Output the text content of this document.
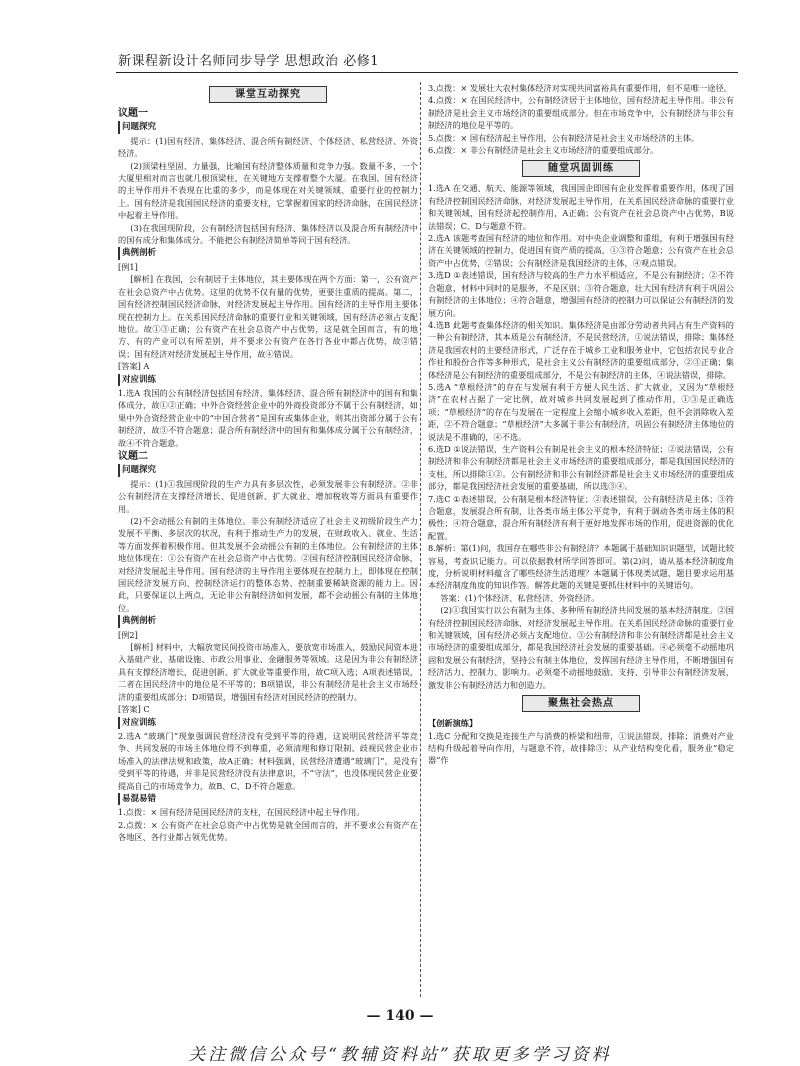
新课程新设计名师同步导学 思想政治 必修1
课堂互动探究
议题一
问题探究

提示：(1)国有经济、集体经济、混合所有制经济、个体经济、私营经济、外资经济。

(2)顶梁柱坚固、力量强，比喻国有经济整体质量和竞争力强。数量不多，一个大厦里相对而言也就几根顶梁柱，在关键地方支撑着整个大厦。在我国，国有经济的主导作用并不表现在比重的多少，而是体现在对关键领域、重要行业的控制力上。国有经济是我国国民经济的重要支柱，它掌握着国家的经济命脉，在国民经济中起着主导作用。

(3)在我国现阶段，公有制经济包括国有经济、集体经济以及混合所有制经济中的国有成分和集体成分。不能把公有制经济简单等同于国有经济。

典例剖析
[例1]

[解析] 在我国，公有制居于主体地位，其主要体现在两个方面：第一，公有资产在社会总资产中占优势。这里的优势不仅有量的优势，更要注重质的提高。第二，国有经济控制国民经济命脉，对经济发展起主导作用。国有经济的主导作用主要体现在控制力上。在关系国民经济命脉的重要行业和关键领域，国有经济必须占支配地位。故①③正确；公有资产在社会总资产中占优势，这是就全国而言，有的地方、有的产业可以有所差别，并不要求公有资产在各行各业中都占优势，故②错误；国有经济对经济发展起主导作用，故④错误。

[答案] A
对应训练

1.选A 我国的公有制经济包括国有经济、集体经济、混合所有制经济中的国有和集体成分，故①②正确；中外合资经营企业中的外商投资部分不属于公有制经济，如果中外合资经营企业中的“中国合营者”是国有或集体企业，则其出资部分属于公有制经济，故③不符合题意；混合所有制经济中的国有和集体成分属于公有制经济，故④不符合题意。

议题二
问题探究

提示：(1)①我国现阶段的生产力具有多层次性，必须发展非公有制经济。②非公有制经济在支撑经济增长、促进创新、扩大就业、增加税收等方面具有重要作用。

(2)不会动摇公有制的主体地位。非公有制经济适应了社会主义初级阶段生产力发展不平衡、多层次的状况，有利于推动生产力的发展，在财政收入、就业、生活等方面发挥着积极作用。但其发展不会动摇公有制的主体地位。公有制经济的主体地位体现在：①公有资产在社会总资产中占优势。②国有经济控制国民经济命脉，对经济发展起主导作用。国有经济的主导作用主要体现在控制力上，即体现在控制国民经济发展方向、控制经济运行的整体态势、控制重要稀缺资源的能力上。因此，只要保证以上两点，无论非公有制经济如何发展，都不会动摇公有制的主体地位。

典例剖析
[例2]

[解析] 材料中，大幅放宽民间投资市场准入，要放宽市场准入，鼓励民间资本进入基础产业、基础设施、市政公用事业、金融服务等领域。这是因为非公有制经济具有支撑经济增长、促进创新、扩大就业等重要作用，故C项入选；A项表述错误，二者在国民经济中的地位是不平等的；B项错误，非公有制经济是社会主义市场经济的重要组成部分；D项错误，增强国有经济对国民经济的控制力。

[答案] C
对应训练

2.选A “玻璃门”现象强调民营经济没有受到平等的待遇，这说明民营经济平等竞争、共同发展的市场主体地位得不到尊重，必须清理和修订限制、歧视民营企业市场准入的法律法规和政策，故A正确；材料强调，民营经济遭遇“玻璃门”，是没有受到平等的待遇，并非是民营经济没有法律意识，不“守法”，也没体现民营企业要提高自己的市场竞争力，故B、C、D不符合题意。

易混易错

1.点拨：× 国有经济是国民经济的支柱，在国民经济中起主导作用。

2.点拨：× 公有资产在社会总资产中占优势是就全国而言的，并不要求公有资产在各地区、各行业都占领先优势。

3.点拨：× 发展壮大农村集体经济对实现共同富裕具有重要作用，但不是唯一途径。

4.点拨：× 在国民经济中，公有制经济居于主体地位，国有经济起主导作用。非公有制经济是社会主义市场经济的重要组成部分。但在市场竞争中，公有制经济与非公有制经济的地位是平等的。

5.点拨：× 国有经济起主导作用，公有制经济是社会主义市场经济的主体。

6.点拨：× 非公有制经济是社会主义市场经济的重要组成部分。

随堂巩固训练

1.选A 在交通、航天、能源等领域，我国国企即国有企业发挥着重要作用，体现了国有经济控制国民经济命脉，对经济发展起主导作用，在关系国民经济命脉的重要行业和关键领域，国有经济起控制作用，A正确；公有资产在社会总资产中占优势，B说法错误；C、D与题意不符。

2.选A 该题考查国有经济的地位和作用。对中央企业调整和重组，有利于增强国有经济在关键领域的控制力，促进国有资产质的提高，①③符合题意；公有资产在社会总资产中占优势，②错误；公有制经济是我国经济的主体，④观点错误。

3.选D ①表述错误，国有经济与较高的生产力水平相适应，不是公有制经济；②不符合题意，材料中同时的是服务，不是区别；③符合题意，壮大国有经济有利于巩固公有制经济的主体地位；④符合题意，增强国有经济的控制力可以保证公有制经济的发展方向。

4.选B 此题考查集体经济的相关知识。集体经济是由部分劳动者共同占有生产资料的一种公有制经济，其本质是公有制经济，不是民营经济，①说法错误，排除；集体经济是我国农村的主要经济形式，广泛存在于城乡工业和服务业中，它包括农民专业合作社和股份合作等多种形式，是社会主义公有制经济的重要组成部分，②③正确；集体经济是公有制经济的重要组成部分，不是公有制经济的主体，④说法错误，排除。

5.选A “草根经济”的存在与发展有利于方便人民生活、扩大就业，又因为“草根经济”在农村占据了一定比例，故对城乡共同发展起到了推动作用，①③是正确选项；“草根经济”的存在与发展在一定程度上会缩小城乡收入差距，但不会消除收入差距，②不符合题意；“草根经济”大多属于非公有制经济，巩固公有制经济主体地位的说法是不准确的，④不选。

6.选D ①说法错误，生产资料公有制是社会主义的根本经济特征；②说法错误，公有制经济和非公有制经济都是社会主义市场经济的重要组成部分，都是我国国民经济的支柱，所以排除①②。公有制经济和非公有制经济都是社会主义市场经济的重要组成部分，都是我国经济社会发展的重要基础，所以选③④。

7.选C ①表述错误，公有制是根本经济特征；②表述错误，公有制经济是主体；③符合题意，发展混合所有制，让各类市场主体公平竞争，有利于调动各类市场主体的积极性；④符合题意，混合所有制经济有利于更好地发挥市场的作用，促进资源的优化配置。

8.解析：第(1)问，我国存在哪些非公有制经济？本题属于基础知识识题型，试题比较容易，考查识记能力。可以依据教材所学回答即可。第(2)问，请从基本经济制度角度，分析说明材料蕴含了哪些经济生活道理？本题属于体现类试题，题目要求运用基本经济制度角度的知识作答。解答此题的关键是要抓住材料中的关键语句。

答案：(1)个体经济、私营经济、外资经济。

(2)①我国实行以公有制为主体、多种所有制经济共同发展的基本经济制度。②国有经济控制国民经济命脉，对经济发展起主导作用。在关系国民经济命脉的重要行业和关键领域，国有经济必须占支配地位。③公有制经济和非公有制经济都是社会主义市场经济的重要组成部分，都是我国经济社会发展的重要基础。④必须毫不动摇地巩固和发展公有制经济，坚持公有制主体地位，发挥国有经济主导作用，不断增强国有经济活力、控制力、影响力。必须毫不动摇地鼓励、支持、引导非公有制经济发展，激发非公有制经济活力和创造力。

聚焦社会热点
【创新演练】

1.选C 分配和交换是连接生产与消费的桥梁和纽带，①说法错误，排除；消费对产业结构升级起着导向作用，与题意不符，故排除③；从产业结构变化看，服务业“稳定器”作

— 140 —
关注微信公众号“教辅资料站”获取更多学习资料
